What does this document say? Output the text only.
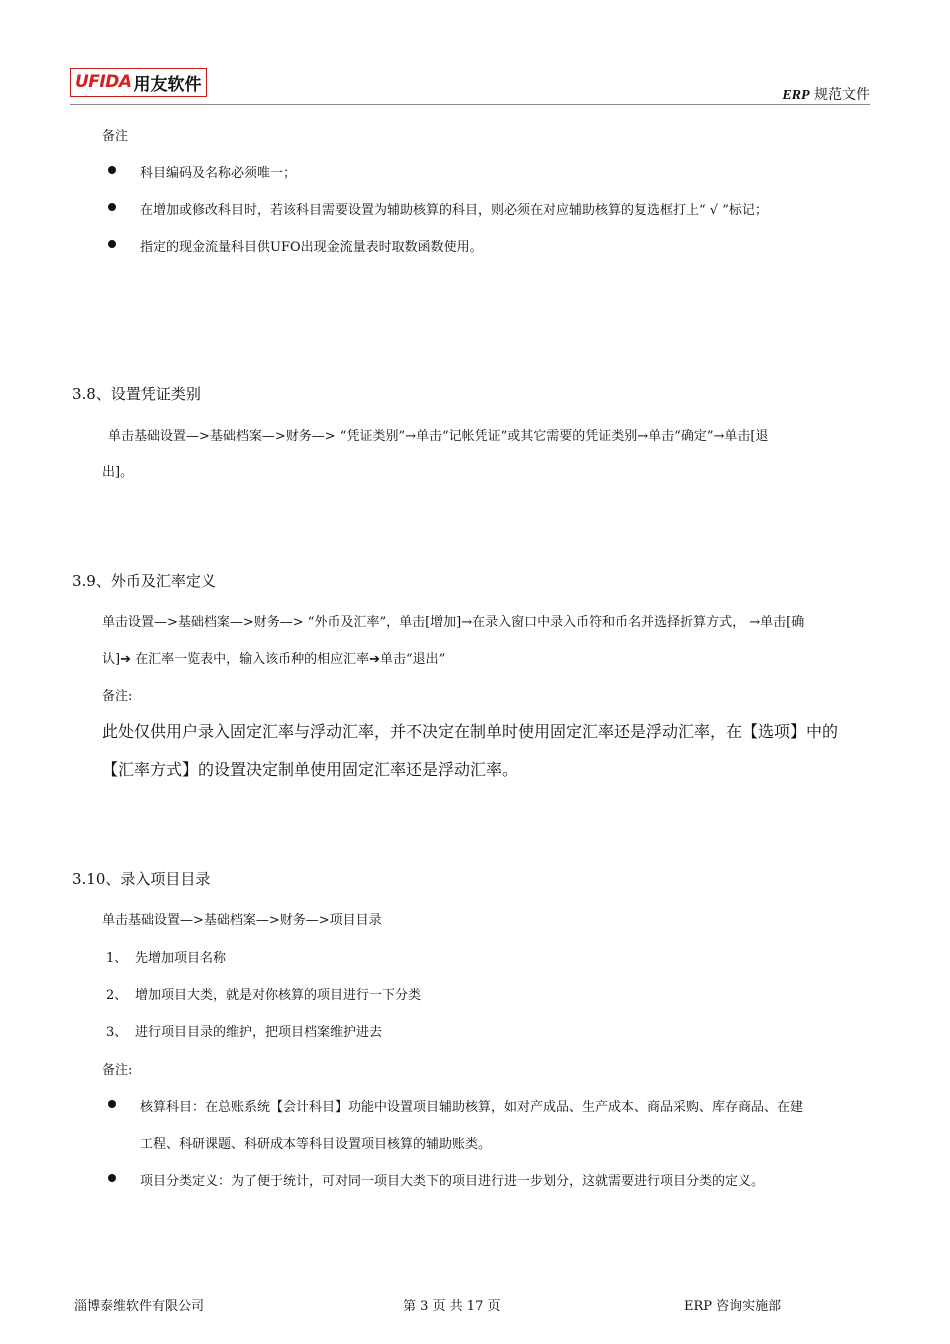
UFIDA 用友软件
ERP 规范文件
备注
科目编码及名称必须唯一；
在增加或修改科目时，若该科目需要设置为辅助核算的科目，则必须在对应辅助核算的复选框打上“ √ ”标记；
指定的现金流量科目供UFO出现金流量表时取数函数使用。
3.8、设置凭证类别
单击基础设置—>基础档案—>财务—> “凭证类别”→单击“记帐凭证”或其它需要的凭证类别→单击“确定”→单击[退
出]。
3.9、外币及汇率定义
单击设置—>基础档案—>财务—> “外币及汇率”，单击[增加]→在录入窗口中录入币符和币名并选择折算方式， →单击[确
认]➔ 在汇率一览表中，输入该币种的相应汇率➔单击“退出”
备注:
此处仅供用户录入固定汇率与浮动汇率，并不决定在制单时使用固定汇率还是浮动汇率，在【选项】中的
【汇率方式】的设置决定制单使用固定汇率还是浮动汇率。
3.10、录入项目目录
单击基础设置—>基础档案—>财务—>项目目录
1、 先增加项目名称
2、 增加项目大类，就是对你核算的项目进行一下分类
3、 进行项目目录的维护，把项目档案维护进去
备注:
核算科目：在总账系统【会计科目】功能中设置项目辅助核算，如对产成品、生产成本、商品采购、库存商品、在建
工程、科研课题、科研成本等科目设置项目核算的辅助账类。
项目分类定义：为了便于统计，可对同一项目大类下的项目进行进一步划分，这就需要进行项目分类的定义。
淄博泰维软件有限公司	第 3 页 共 17 页	ERP 咨询实施部
